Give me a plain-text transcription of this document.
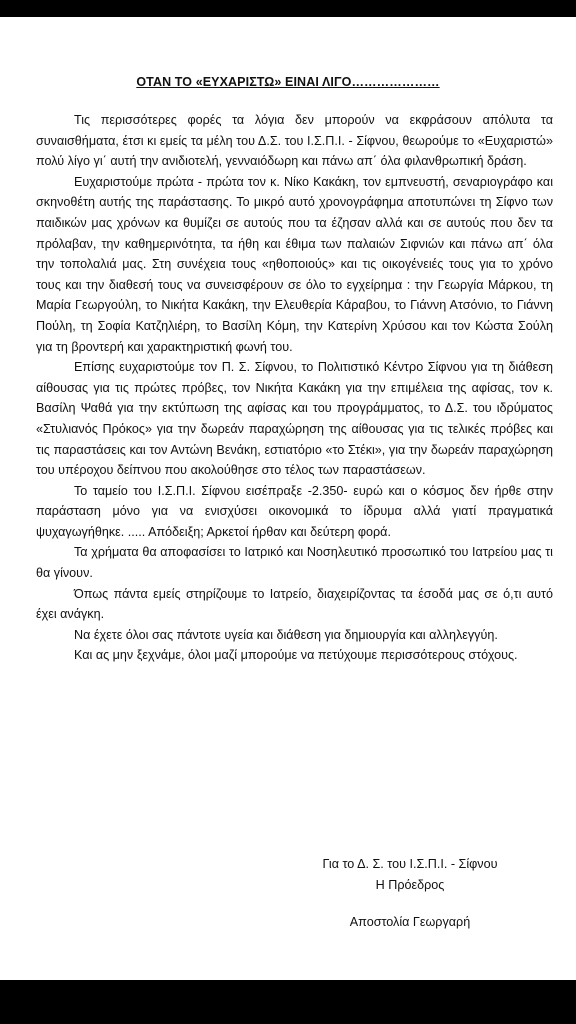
ΟΤΑΝ ΤΟ «ΕΥΧΑΡΙΣΤΩ» ΕΙΝΑΙ ΛΙΓΟ…………………

Τις περισσότερες φορές τα λόγια δεν μπορούν να εκφράσουν απόλυτα τα συναισθήματα, έτσι κι εμείς τα μέλη του Δ.Σ. του Ι.Σ.Π.Ι. - Σίφνου, θεωρούμε το «Ευχαριστώ» πολύ λίγο γι΄ αυτή την ανιδιοτελή, γενναιόδωρη και πάνω απ΄ όλα φιλανθρωπική δράση.

Ευχαριστούμε πρώτα - πρώτα τον κ. Νίκο Κακάκη, τον εμπνευστή, σεναριογράφο και σκηνοθέτη αυτής της παράστασης. Το μικρό αυτό χρονογράφημα αποτυπώνει τη Σίφνο των παιδικών μας χρόνων κα θυμίζει σε αυτούς που τα έζησαν αλλά και σε αυτούς που δεν τα πρόλαβαν, την καθημερινότητα, τα ήθη και έθιμα των παλαιών Σιφνιών και πάνω απ΄ όλα την τοπολαλιά μας. Στη συνέχεια τους «ηθοποιούς» και τις οικογένειές τους για το χρόνο τους και την διαθεσή τους να συνεισφέρουν σε όλο το εγχείρημα : την Γεωργία Μάρκου, τη Μαρία Γεωργούλη, το Νικήτα Κακάκη, την Ελευθερία Κάραβου, το Γιάννη Ατσόνιο, το Γιάννη Πούλη, τη Σοφία Κατζηλιέρη, το Βασίλη Κόμη, την Κατερίνη Χρύσου και τον Κώστα Σούλη για τη βροντερή και χαρακτηριστική φωνή του.

Επίσης ευχαριστούμε τον Π. Σ. Σίφνου, το Πολιτιστικό Κέντρο Σίφνου για τη διάθεση αίθουσας για τις πρώτες πρόβες, τον Νικήτα Κακάκη για την επιμέλεια της αφίσας, τον κ. Βασίλη Ψαθά για την εκτύπωση της αφίσας και του προγράμματος, το Δ.Σ. του ιδρύματος «Στυλιανός Πρόκος» για την δωρεάν παραχώρηση της αίθουσας για τις τελικές πρόβες και τις παραστάσεις και τον Αντώνη Βενάκη, εστιατόριο «το Στέκι», για την δωρεάν παραχώρηση του υπέροχου δείπνου που ακολούθησε στο τέλος των παραστάσεων.

Το ταμείο του Ι.Σ.Π.Ι. Σίφνου εισέπραξε -2.350- ευρώ και ο κόσμος δεν ήρθε στην παράσταση μόνο για να ενισχύσει οικονομικά το ίδρυμα αλλά γιατί πραγματικά ψυχαγωγήθηκε. ..... Απόδειξη; Αρκετοί ήρθαν και δεύτερη φορά.

Τα χρήματα θα αποφασίσει το Ιατρικό και Νοσηλευτικό προσωπικό του Ιατρείου μας τι θα γίνουν.

Όπως πάντα εμείς στηρίζουμε το Ιατρείο, διαχειρίζοντας τα έσοδά μας σε ό,τι αυτό έχει ανάγκη.

Να έχετε όλοι σας πάντοτε υγεία και διάθεση για δημιουργία και αλληλεγγύη.

Και ας μην ξεχνάμε, όλοι μαζί μπορούμε να πετύχουμε περισσότερους στόχους.

Για το Δ. Σ. του Ι.Σ.Π.Ι. - Σίφνου
Η Πρόεδρος
Αποστολία Γεωργαρή
